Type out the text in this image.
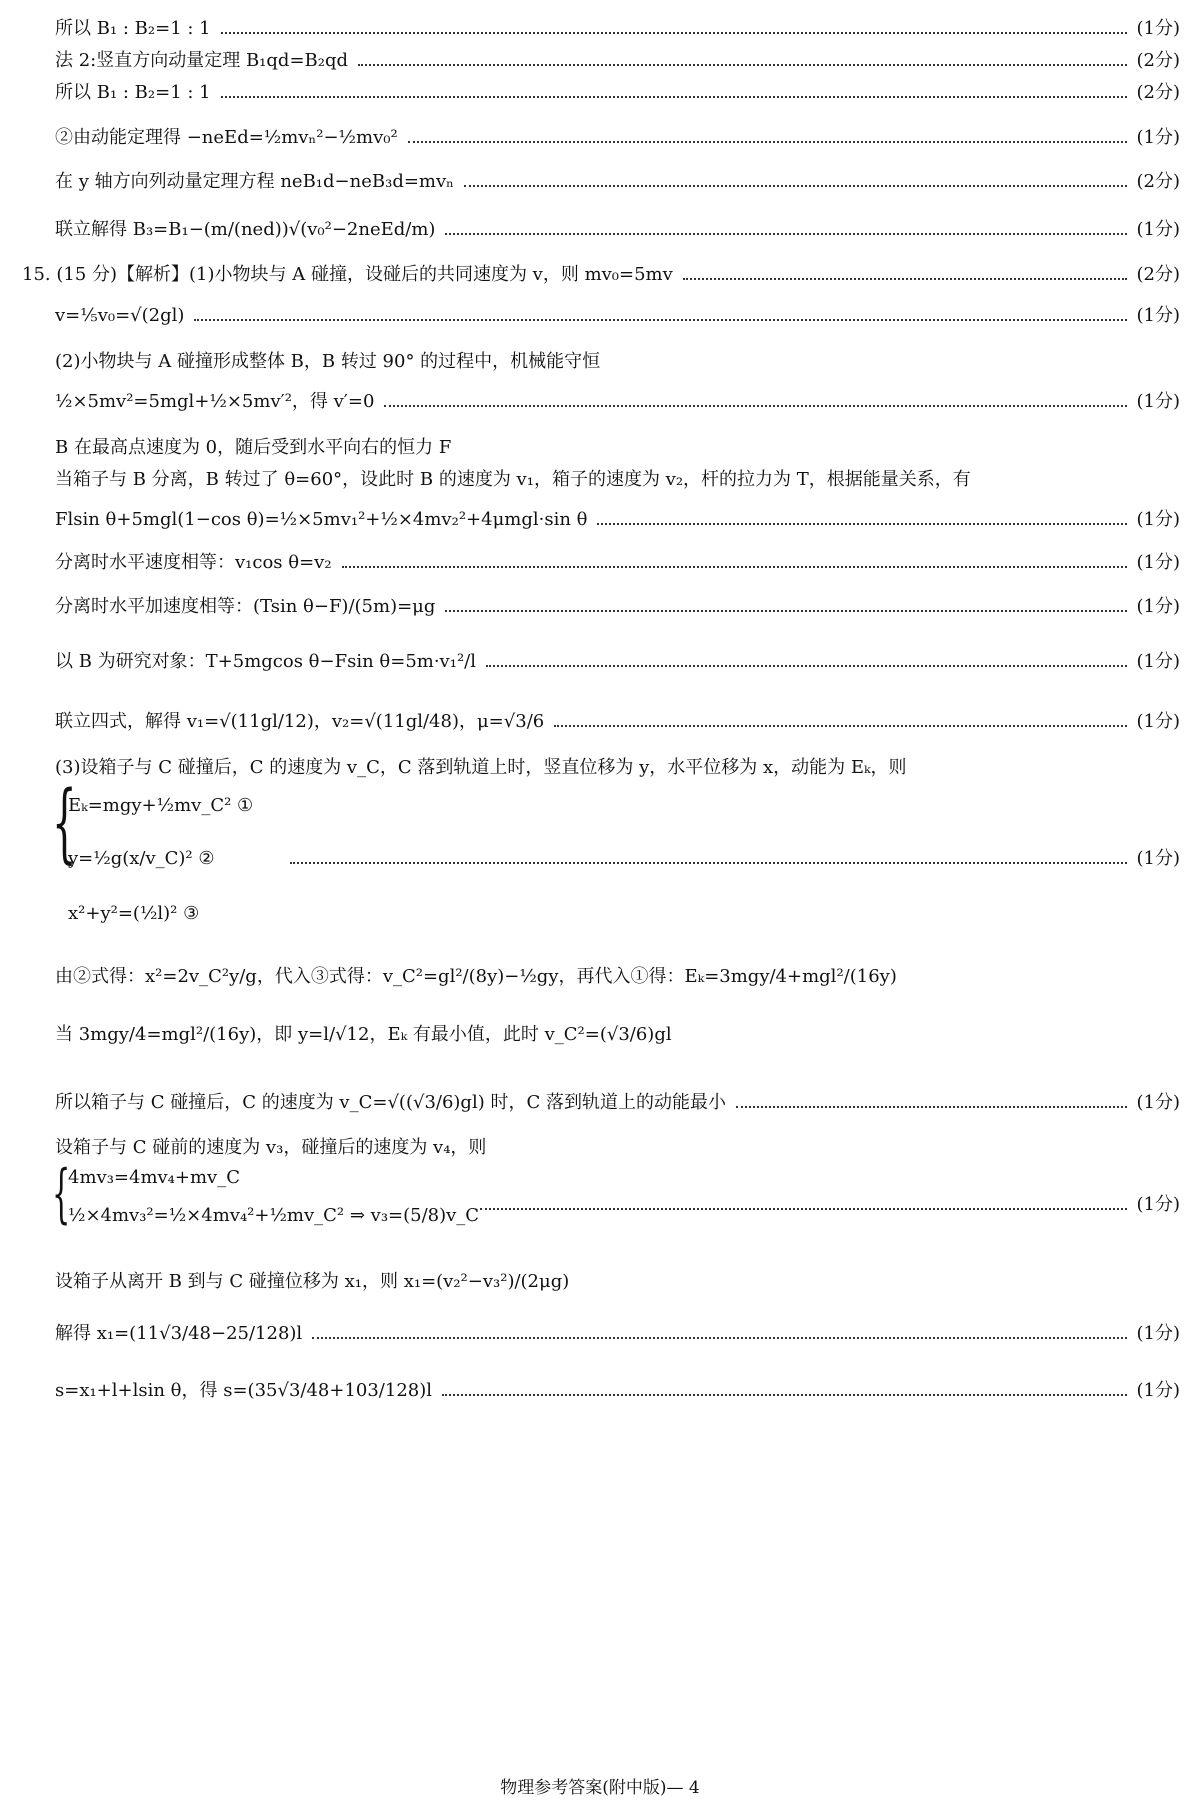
所以 B₁ : B₂=1 : 1	(1分)
法 2:竖直方向动量定理 B₁qd=B₂qd	(2分)
所以 B₁ : B₂=1 : 1	(2分)
②由动能定理得 −neEd=½mvₙ²−½mv₀²	(1分)
在 y 轴方向列动量定理方程 neB₁d−neB₃d=mvₙ	(2分)
联立解得 B₃=B₁−(m/(ned))√(v₀²−2neEd/m)	(1分)
15. (15 分)【解析】(1)小物块与 A 碰撞，设碰后的共同速度为 v，则 mv₀=5mv	(2分)
v=⅕v₀=√(2gl)	(1分)
(2)小物块与 A 碰撞形成整体 B，B 转过 90° 的过程中，机械能守恒
½×5mv²=5mgl+½×5mv′²，得 v′=0	(1分)
B 在最高点速度为 0，随后受到水平向右的恒力 F
当箱子与 B 分离，B 转过了 θ=60°，设此时 B 的速度为 v₁，箱子的速度为 v₂，杆的拉力为 T，根据能量关系，有
Flsin θ+5mgl(1−cos θ)=½×5mv₁²+½×4mv₂²+4μmgl·sin θ	(1分)
分离时水平速度相等：v₁cos θ=v₂	(1分)
分离时水平加速度相等：(Tsin θ−F)/(5m)=μg	(1分)
以 B 为研究对象：T+5mgcos θ−Fsin θ=5m·v₁²/l	(1分)
联立四式，解得 v₁=√(11gl/12)，v₂=√(11gl/48)，μ=√3/6	(1分)
(3)设箱子与 C 碰撞后，C 的速度为 v_C，C 落到轨道上时，竖直位移为 y，水平位移为 x，动能为 Eₖ，则
{
Eₖ=mgy+½mv_C² ①
y=½g(x/v_C)² ②
x²+y²=(½l)² ③
(1分)
由②式得：x²=2v_C²y/g，代入③式得：v_C²=gl²/(8y)−½gy，再代入①得：Eₖ=3mgy/4+mgl²/(16y)
当 3mgy/4=mgl²/(16y)，即 y=l/√12，Eₖ 有最小值，此时 v_C²=(√3/6)gl
所以箱子与 C 碰撞后，C 的速度为 v_C=√((√3/6)gl) 时，C 落到轨道上的动能最小	(1分)
设箱子与 C 碰前的速度为 v₃，碰撞后的速度为 v₄，则
{
4mv₃=4mv₄+mv_C
½×4mv₃²=½×4mv₄²+½mv_C² ⇒ v₃=(5/8)v_C
(1分)
设箱子从离开 B 到与 C 碰撞位移为 x₁，则 x₁=(v₂²−v₃²)/(2μg)
解得 x₁=(11√3/48−25/128)l	(1分)
s=x₁+l+lsin θ，得 s=(35√3/48+103/128)l	(1分)
物理参考答案(附中版)— 4
